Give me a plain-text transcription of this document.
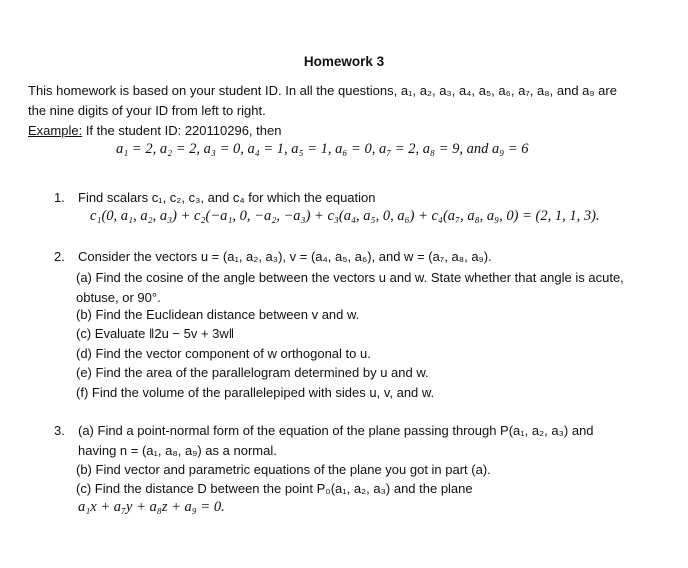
Homework 3
This homework is based on your student ID. In all the questions, a₁, a₂, a₃, a₄, a₅, a₆, a₇, a₈, and a₉ are
the nine digits of your ID from left to right.
Example: If the student ID: 220110296, then
a₁ = 2, a₂ = 2, a₃ = 0, a₄ = 1, a₅ = 1, a₆ = 0, a₇ = 2, a₈ = 9, and a₉ = 6
1. Find scalars c₁, c₂, c₃, and c₄ for which the equation
c₁(0, a₁, a₂, a₃) + c₂(−a₁, 0, −a₂, −a₃) + c₃(a₄, a₅, 0, a₆) + c₄(a₇, a₈, a₉, 0) = (2, 1, 1, 3).
2. Consider the vectors u = (a₁, a₂, a₃), v = (a₄, a₅, a₆), and w = (a₇, a₈, a₉).
(a) Find the cosine of the angle between the vectors u and w. State whether that angle is acute,
obtuse, or 90°.
(b) Find the Euclidean distance between v and w.
(c) Evaluate ‖2u − 5v + 3w‖
(d) Find the vector component of w orthogonal to u.
(e) Find the area of the parallelogram determined by u and w.
(f) Find the volume of the parallelepiped with sides u, v, and w.
3. (a) Find a point-normal form of the equation of the plane passing through P(a₁, a₂, a₃) and
having n = (a₁, a₈, a₉) as a normal.
(b) Find vector and parametric equations of the plane you got in part (a).
(c) Find the distance D between the point P₀(a₁, a₂, a₃) and the plane
a₁x + a₇y + a₈z + a₉ = 0.
